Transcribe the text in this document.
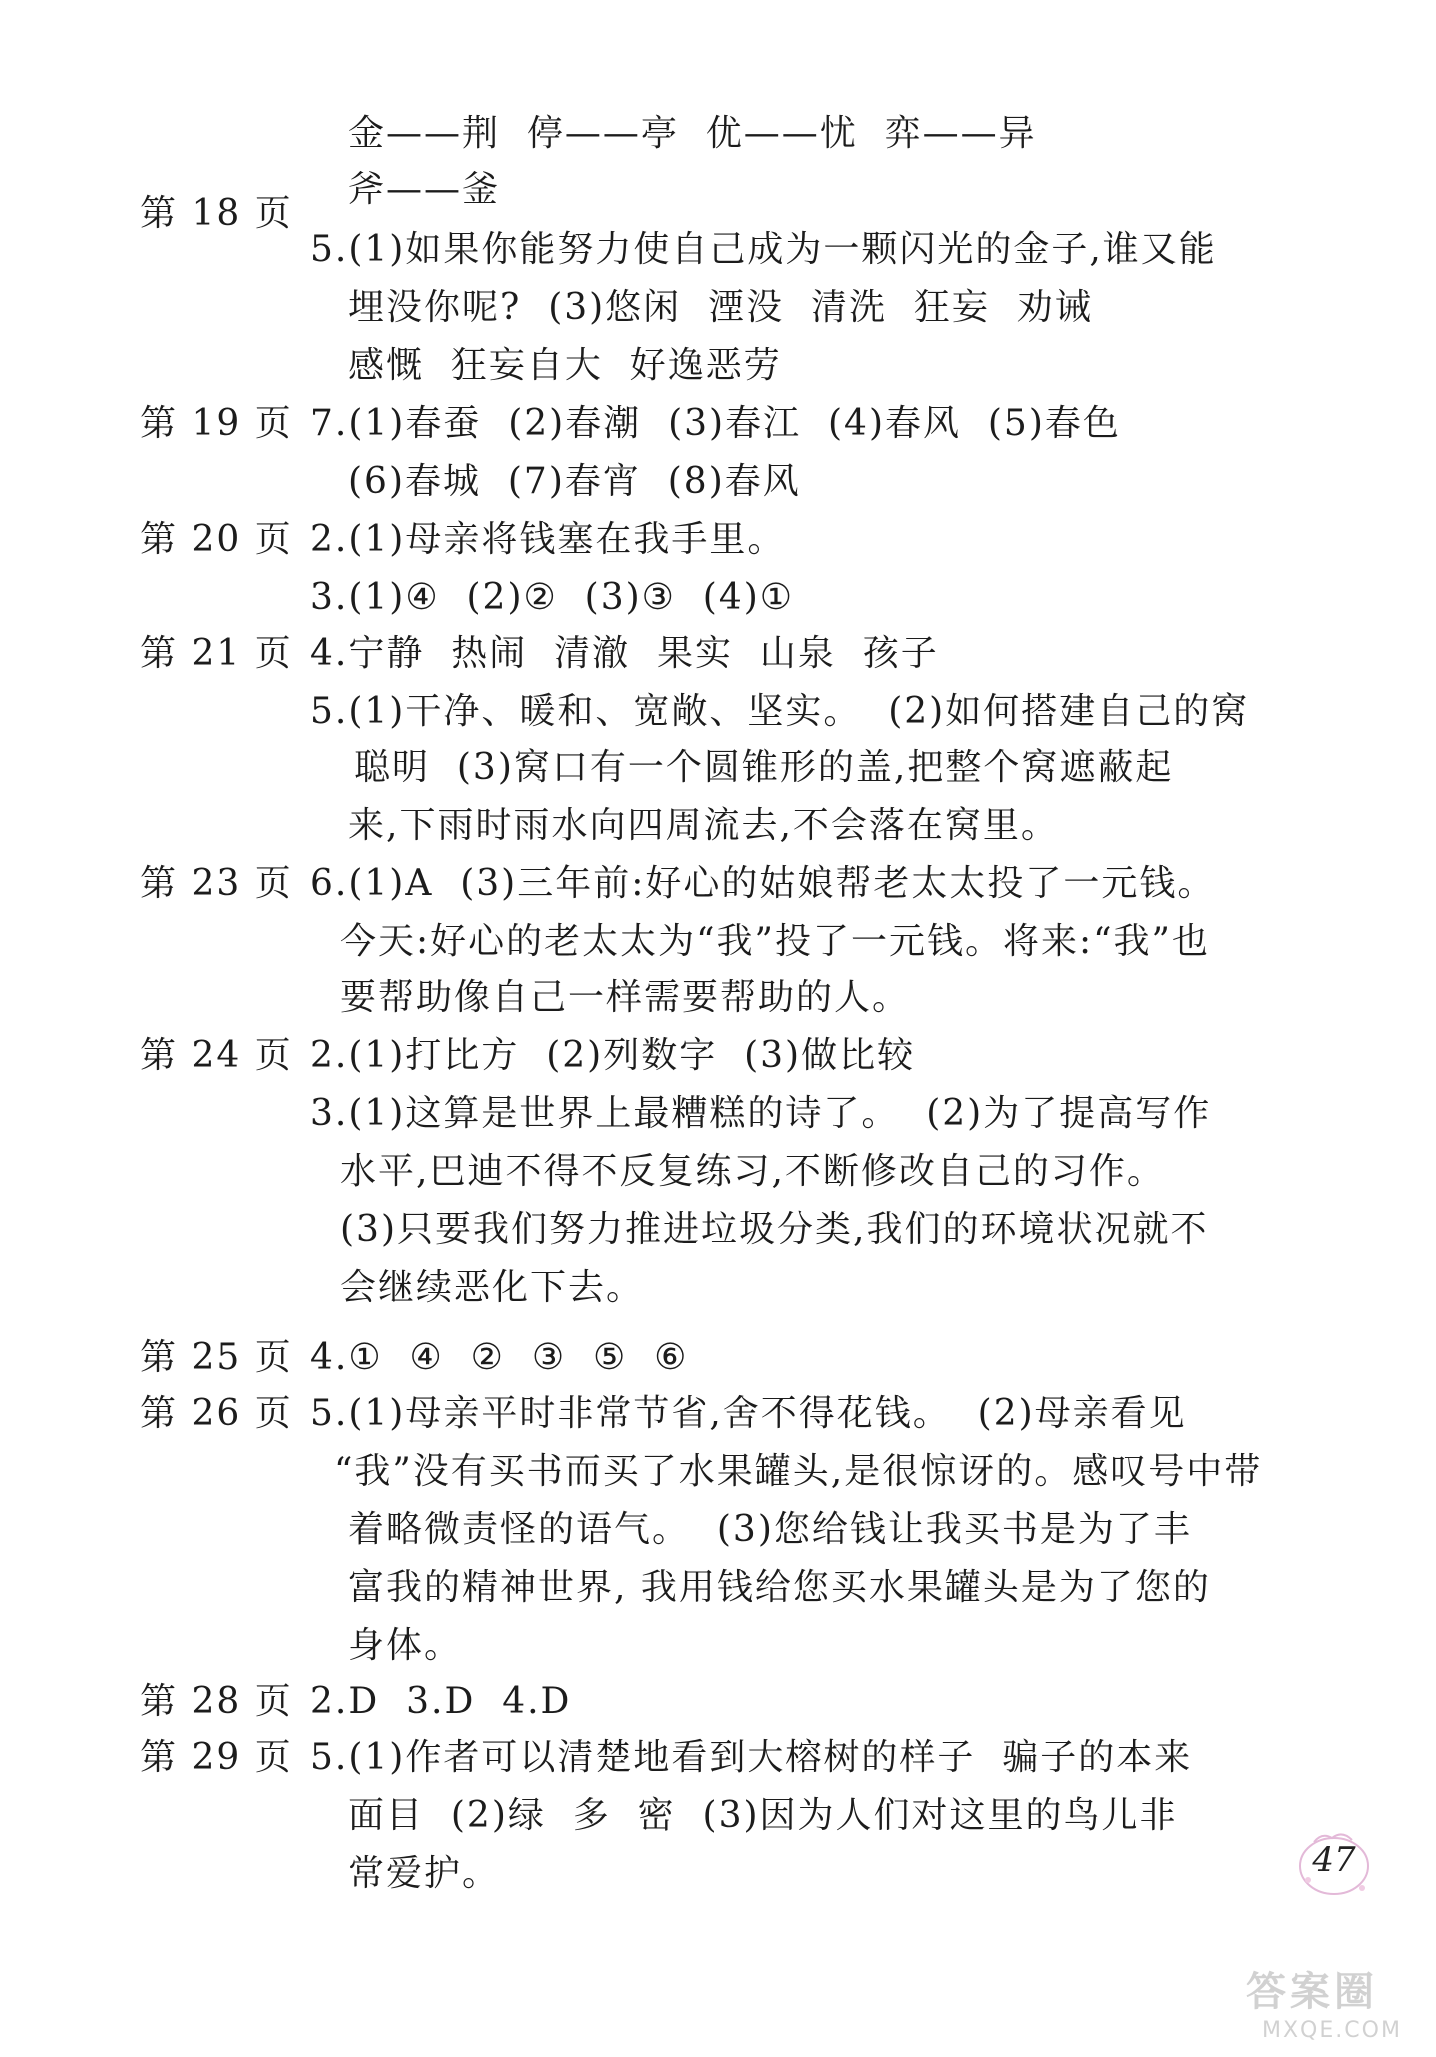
第 18 页
第 19 页
第 20 页
第 21 页
第 23 页
第 24 页
第 25 页
第 26 页
第 28 页
第 29 页
金——荆  停——亭  优——忧  弈——异
斧——釜
5.(1)如果你能努力使自己成为一颗闪光的金子,谁又能
埋没你呢?  (3)悠闲  湮没  清洗  狂妄  劝诫
感慨  狂妄自大  好逸恶劳
7.(1)春蚕  (2)春潮  (3)春江  (4)春风  (5)春色
(6)春城  (7)春宵  (8)春风
2.(1)母亲将钱塞在我手里。
3.(1)④  (2)②  (3)③  (4)①
4.宁静  热闹  清澈  果实  山泉  孩子
5.(1)干净、暖和、宽敞、坚实。  (2)如何搭建自己的窝
聪明  (3)窝口有一个圆锥形的盖,把整个窝遮蔽起
来,下雨时雨水向四周流去,不会落在窝里。
6.(1)A  (3)三年前:好心的姑娘帮老太太投了一元钱。
今天:好心的老太太为“我”投了一元钱。将来:“我”也
要帮助像自己一样需要帮助的人。
2.(1)打比方  (2)列数字  (3)做比较
3.(1)这算是世界上最糟糕的诗了。  (2)为了提高写作
水平,巴迪不得不反复练习,不断修改自己的习作。
(3)只要我们努力推进垃圾分类,我们的环境状况就不
会继续恶化下去。
4.①  ④  ②  ③  ⑤  ⑥
5.(1)母亲平时非常节省,舍不得花钱。  (2)母亲看见
“我”没有买书而买了水果罐头,是很惊讶的。感叹号中带
着略微责怪的语气。  (3)您给钱让我买书是为了丰
富我的精神世界, 我用钱给您买水果罐头是为了您的
身体。
2.D  3.D  4.D
5.(1)作者可以清楚地看到大榕树的样子  骗子的本来
面目  (2)绿  多  密  (3)因为人们对这里的鸟儿非
常爱护。	47
答案圈
MXQE.COM
